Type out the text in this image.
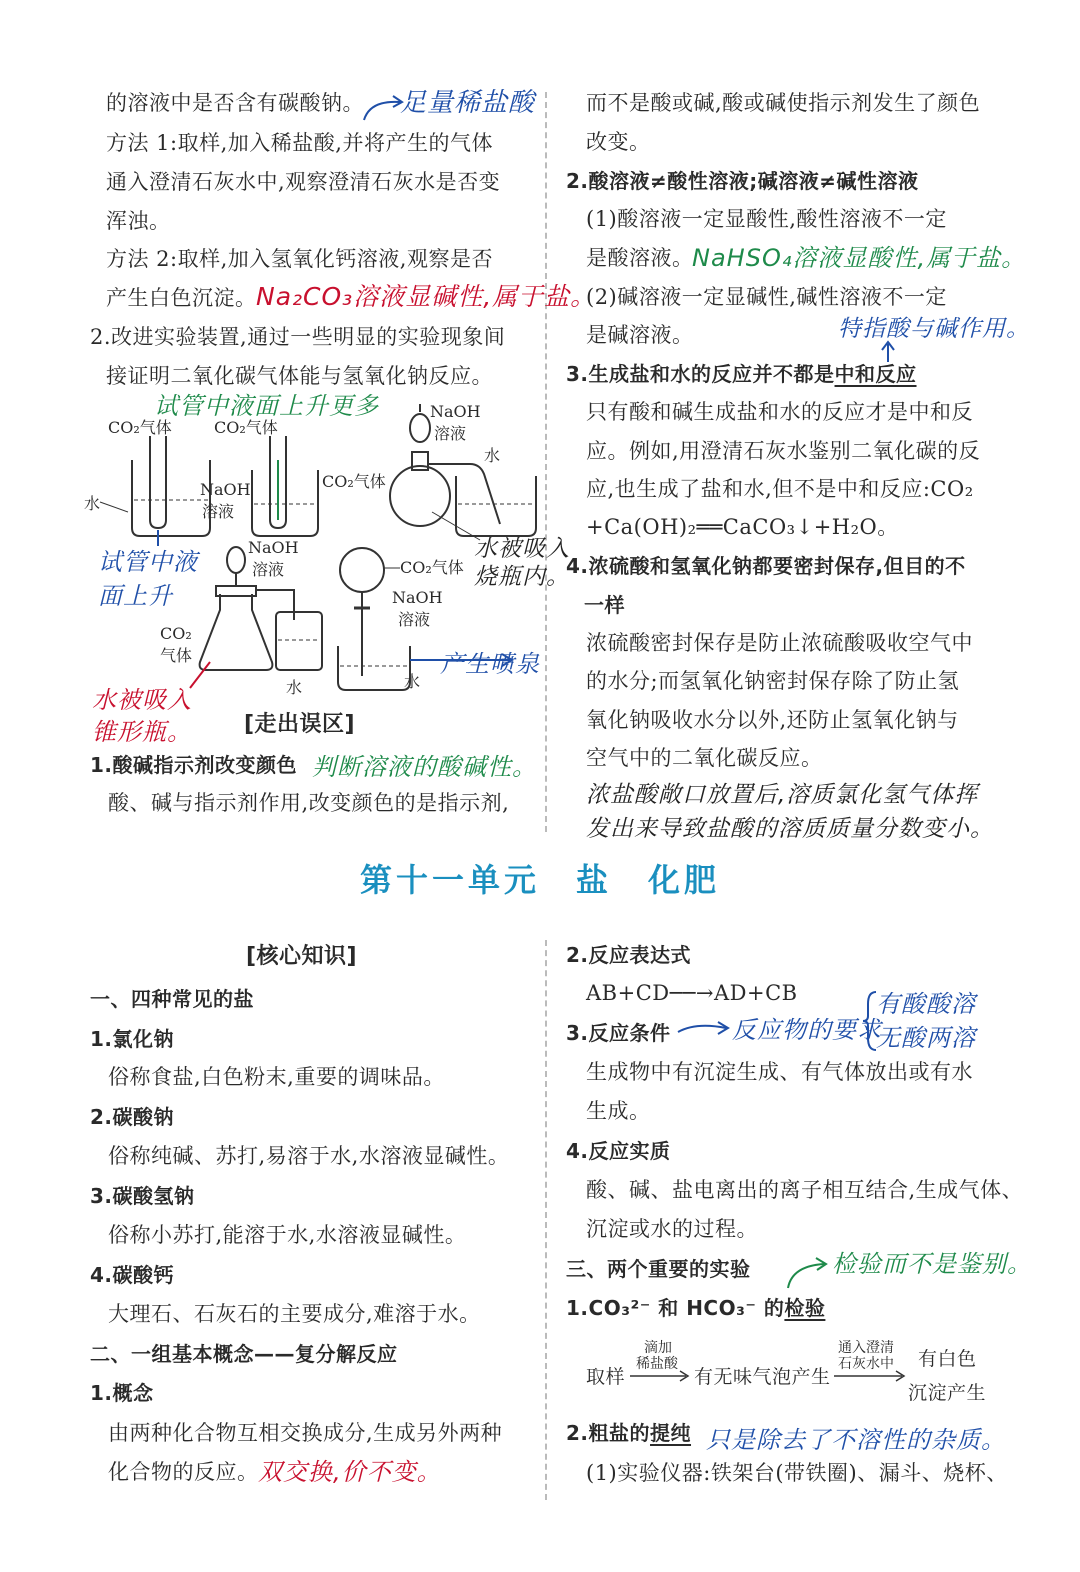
的溶液中是否含有碳酸钠。 足量稀盐酸
方法 1:取样,加入稀盐酸,并将产生的气体
通入澄清石灰水中,观察澄清石灰水是否变
浑浊。
方法 2:取样,加入氢氧化钙溶液,观察是否
产生白色沉淀。 Na₂CO₃溶液显碱性,属于盐。
2.改进实验装置,通过一些明显的实验现象间
接证明二氧化碳气体能与氢氧化钠反应。
试管中液面上升更多
CO₂气体	CO₂气体
水
NaOH
溶液
NaOH
溶液
CO₂气体
水
试管中液
面上升
水被吸入
烧瓶内。
NaOH
溶液	CO₂气体
NaOH
溶液
CO₂
气体
水	水
产生喷泉
水被吸入
锥形瓶。 [走出误区]
1.酸碱指示剂改变颜色 判断溶液的酸碱性。
酸、碱与指示剂作用,改变颜色的是指示剂,
而不是酸或碱,酸或碱使指示剂发生了颜色
改变。
2.酸溶液≠酸性溶液;碱溶液≠碱性溶液
(1)酸溶液一定显酸性,酸性溶液不一定
是酸溶液。
NaHSO₄溶液显酸性,属于盐。
(2)碱溶液一定显碱性,碱性溶液不一定
是碱溶液。	特指酸与碱作用。
3.生成盐和水的反应并不都是中和反应
只有酸和碱生成盐和水的反应才是中和反
应。例如,用澄清石灰水鉴别二氧化碳的反
应,也生成了盐和水,但不是中和反应:CO₂
+Ca(OH)₂══CaCO₃↓+H₂O。
4.浓硫酸和氢氧化钠都要密封保存,但目的不
一样
浓硫酸密封保存是防止浓硫酸吸收空气中
的水分;而氢氧化钠密封保存除了防止氢
氧化钠吸收水分以外,还防止氢氧化钠与
空气中的二氧化碳反应。
浓盐酸敞口放置后,溶质氯化氢气体挥
发出来导致盐酸的溶质质量分数变小。
第十一单元　盐　化肥
[核心知识]
一、四种常见的盐
1.氯化钠
俗称食盐,白色粉末,重要的调味品。
2.碳酸钠
俗称纯碱、苏打,易溶于水,水溶液显碱性。
3.碳酸氢钠
俗称小苏打,能溶于水,水溶液显碱性。
4.碳酸钙
大理石、石灰石的主要成分,难溶于水。
二、一组基本概念——复分解反应
1.概念
由两种化合物互相交换成分,生成另外两种
化合物的反应。 双交换,价不变。
2.反应表达式
AB+CD──→AD+CB
3.反应条件	反应物的要求
有酸酸溶
无酸两溶
生成物中有沉淀生成、有气体放出或有水
生成。
4.反应实质
酸、碱、盐电离出的离子相互结合,生成气体、
沉淀或水的过程。
三、两个重要的实验	检验而不是鉴别。
1.CO₃²⁻ 和 HCO₃⁻ 的检验
取样
滴加
稀盐酸
有无味气泡产生
通入澄清
石灰水中 有白色
沉淀产生
2.粗盐的提纯 只是除去了不溶性的杂质。
(1)实验仪器:铁架台(带铁圈)、漏斗、烧杯、
